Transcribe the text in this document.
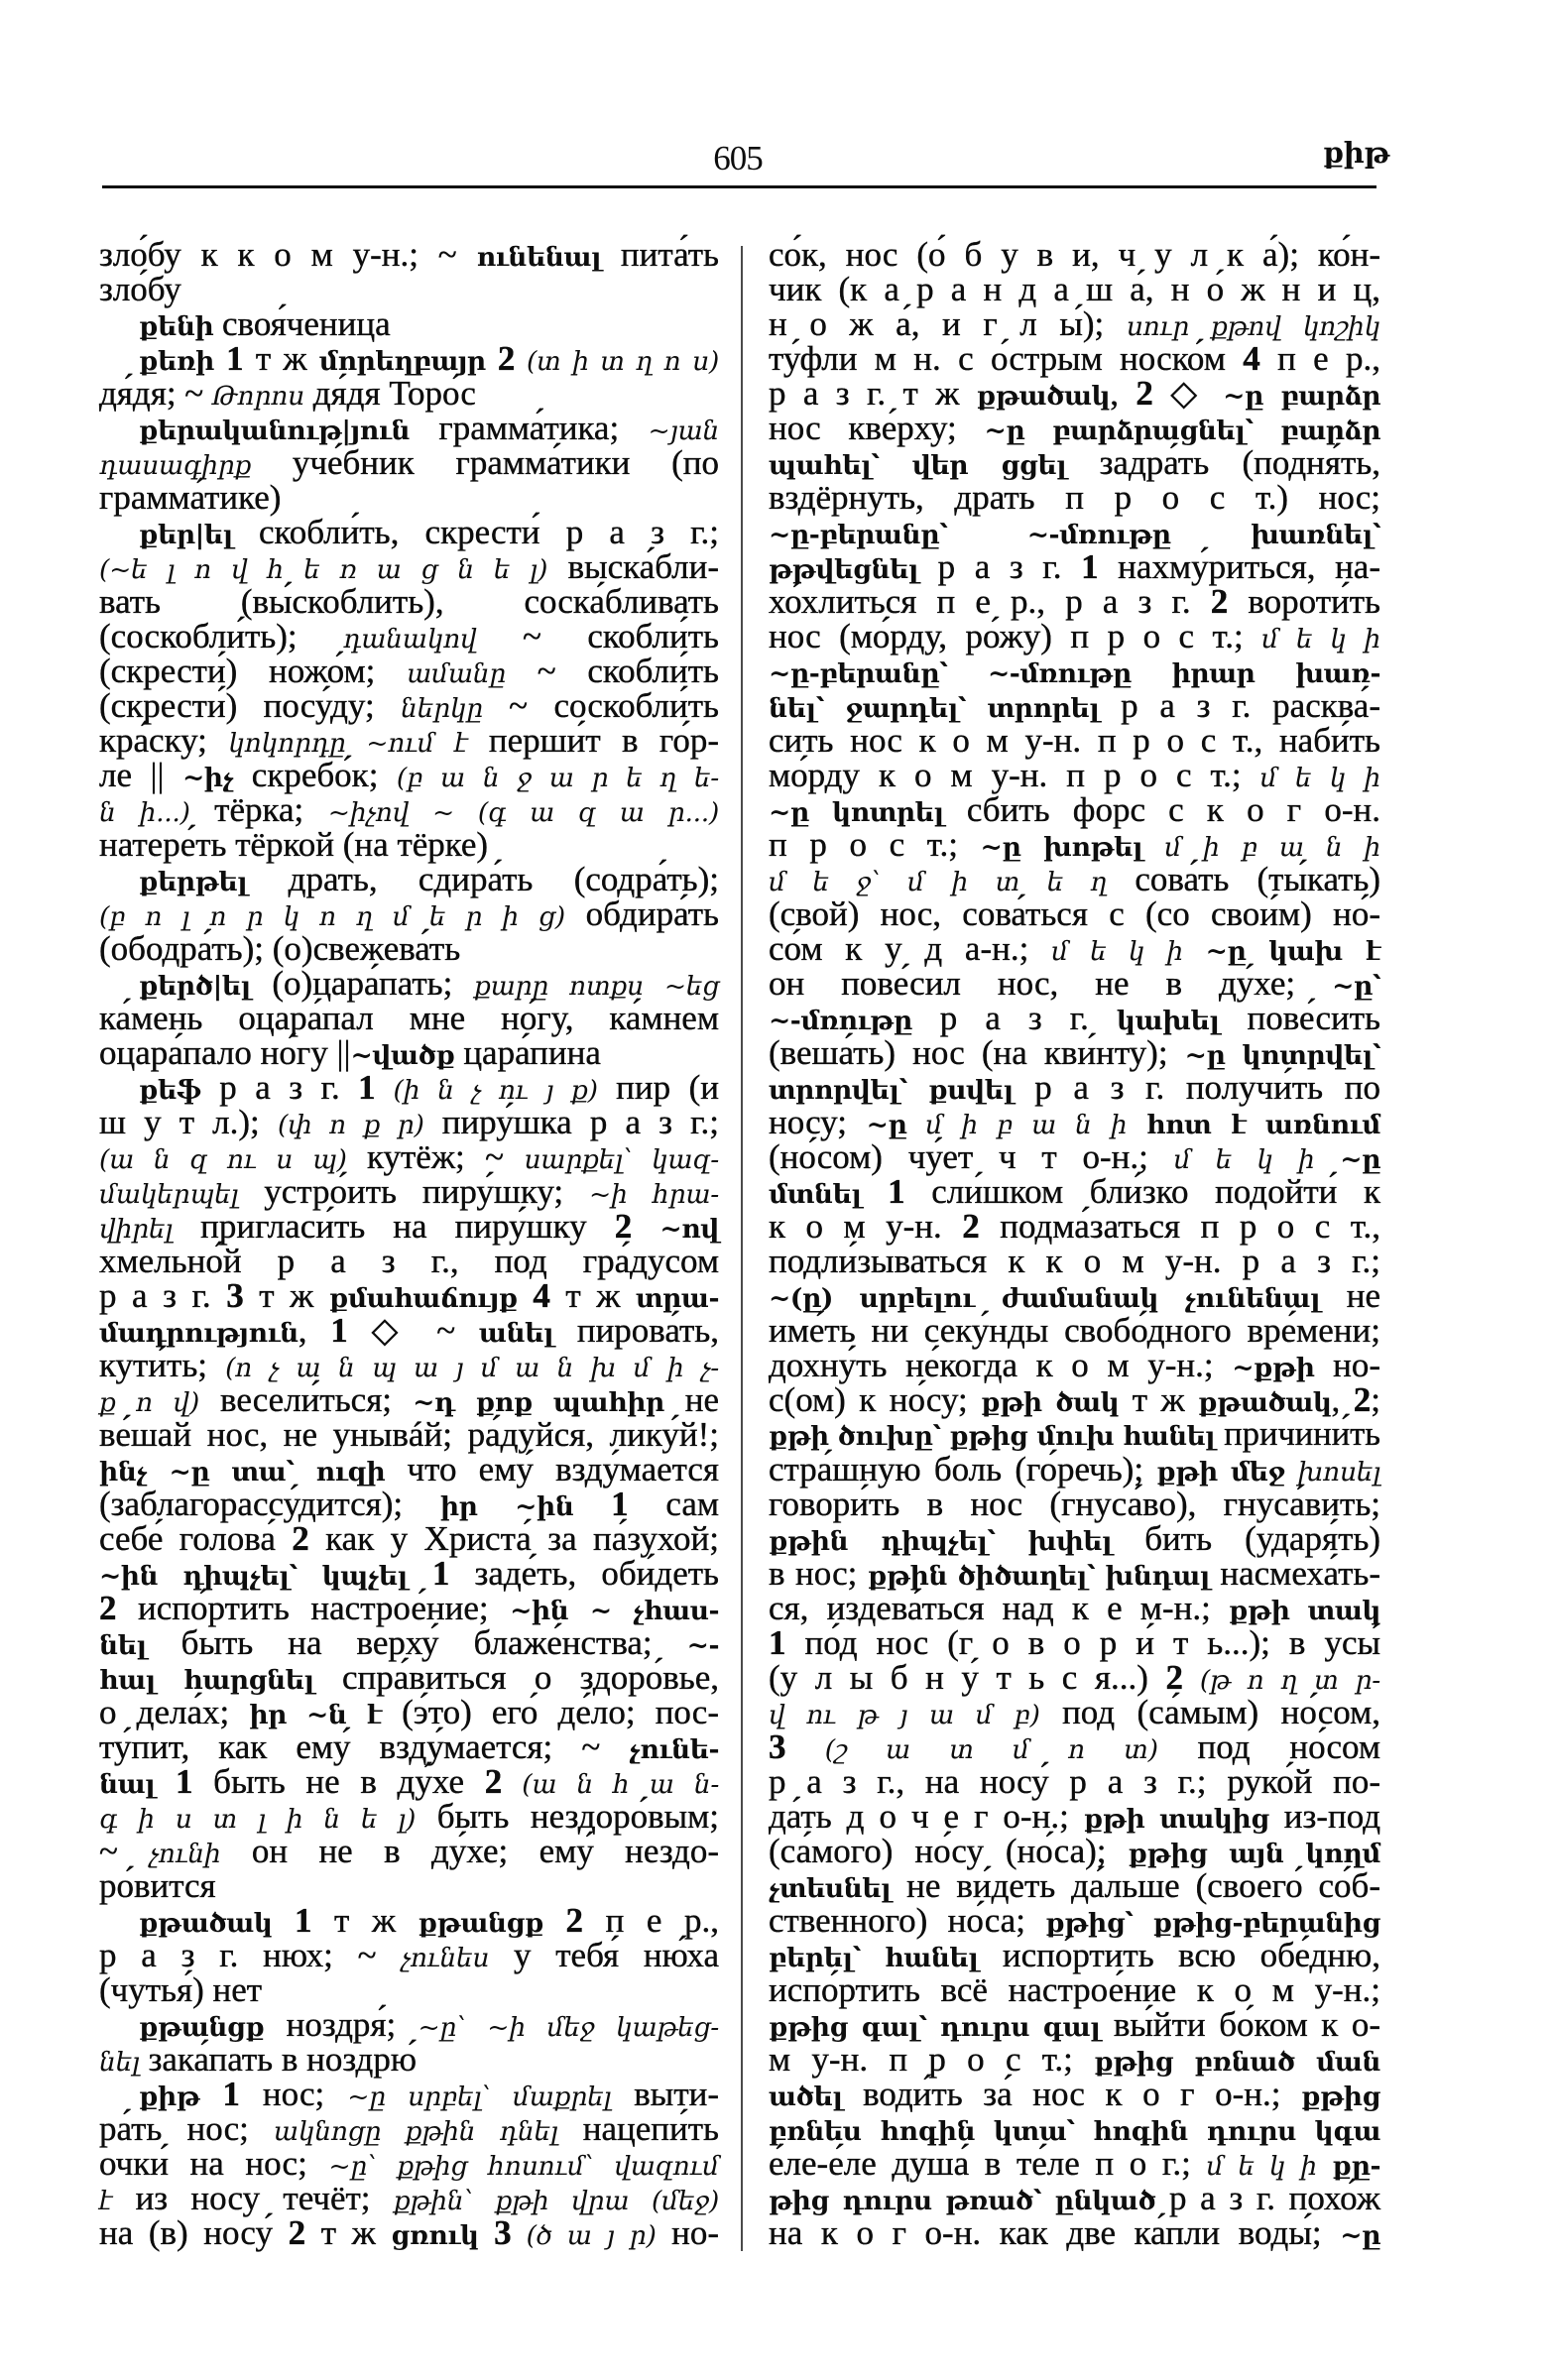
605	քիթ
зло́бу к к о м у-н.; ~ ունենալ пита́ть
зло́бу
քենի своя́ченица
քեռի 1 т ж մորեղբայր 2 (տ ի տ ղ ո ս)
дя́дя; ~ Թորոս дя́дя Торо́с
քերականութ|յուն грамма́тика; ~յան
դասագիրք уче́бник грамма́тики (по
грамма́тике)
քեր|ել скобли́ть, скрести́ р а з г.;
(~ե լ ո վ հ ե ռ ա ց ն ե լ) выска́бли-
вать (вы́скоблить), соска́бливать
(соскобли́ть); դանակով ~ скобли́ть
(скрести́) ножо́м; ամանը ~ скобли́ть
(скрести́) посу́ду; ներկը ~ соскобли́ть
кра́ску; կոկորդը ~ում է перши́т в го́р-
ле || ~իչ скребо́к; (բ ա ն ջ ա ր ե ղ ե-
ն ի...) тёрка; ~իչով ~ (գ ա զ ա ր...)
натере́ть тёркой (на тёрке)
քերթել драть, сдира́ть (содра́ть);
(բ ո լ ո ր կ ո ղ մ ե ր ի ց) обдира́ть
(ободра́ть); (о)свежева́ть
քերծ|ել (о)цара́пать; քարը ոտքս ~եց
ка́мень оцара́пал мне но́гу, ка́мнем
оцара́пало но́гу ||~վածք цара́пина
քեֆ р а з г. 1 (ի ն չ ու յ ք) пир (и
ш у т л.); (փ ո ք ր) пиру́шка р а з г.;
(ա ն զ ու ս պ) кутёж; ~ սարքել՝ կազ-
մակերպել устро́ить пиру́шку; ~ի հրա-
վիրել пригласи́ть на пиру́шку 2 ~ով
хмельно́й р а з г., под гра́дусом
р а з г. 3 т ж քմահաճույք 4 т ж տրա-
մադրություն, 1 ◇ ~ անել пирова́ть,
кути́ть; (ո չ ա ն պ ա յ մ ա ն խ մ ի չ-
ք ո վ) весели́ться; ~դ քոք պահիր не
ве́шай нос, не унывáй; ра́дуйся, лику́й!;
ինչ ~ը տա՝ ուզի что ему́ взду́мается
(заблагорассу́дится); իր ~ին 1 сам
себе́ голова́ 2 как у Христа́ за па́зухой;
~ին դիպչել՝ կպչել 1 заде́ть, оби́деть
2 испо́ртить настрое́ние; ~ին ~ չհաս-
նել быть на верху́ блаже́нства; ~-
հալ հարցնել спра́виться о здоро́вье,
о дела́х; իր ~ն է (э́то) его́ де́ло; пос-
ту́пит, как ему́ взду́мается; ~ չունե-
նալ 1 быть не в ду́хе 2 (ա ն հ ա ն-
գ ի ս տ լ ի ն ե լ) быть нездоро́вым;
~ չունի он не в ду́хе; ему́ нездо-
ро́вится
քթածակ 1 т ж քթանցք 2 п е р.,
р а з г. нюх; ~ չունես у тебя́ ню́ха
(чутья́) нет
քթանցք ноздря́; ~ը՝ ~ի մեջ կաթեց-
նել зака́пать в ноздрю́
քիթ 1 нос; ~ը սրբել՝ մաքրել выти-
ра́ть нос; ակնոցը քթին դնել нацепи́ть
очки́ на нос; ~ը՝ քթից հոսում՝ վազում
է из носу течёт; քթին՝ քթի վրա (մեջ)
на (в) носу́ 2 т ж ցռուկ 3 (ծ ա յ ր) но-
со́к, нос (о́ б у в и, ч у л к а́); ко́н-
чик (к а р а н д а ш а́, н о́ ж н и ц,
н о ж а́, и г л ы́); սուր քթով կոշիկ
ту́фли м н. с о́стрым носко́м 4 п е р.,
р а з г. т ж քթածակ, 2 ◇ ~ը բարձր
нос кве́рху; ~ը բարձրացնել՝ բարձր
պահել՝ վեր ցցել задра́ть (подня́ть,
вздёрнуть, драть п р о с т.) нос;
~ը-բերանը՝ ~-մռութը խառնել՝
թթվեցնել р а з г. 1 нахму́риться, на-
хо́хлиться п е р., р а з г. 2 вороти́ть
нос (мо́рду, ро́жу) п р о с т.; մ ե կ ի
~ը-բերանը՝ ~-մռութը իրար խառ-
նել՝ ջարդել՝ տրորել р а з г. расква́-
сить нос к о м у-н. п р о с т., наби́ть
мо́рду к о м у-н. п р о с т.; մ ե կ ի
~ը կոտրել сбить форс с к о г о-н.
п р о с т.; ~ը խոթել մ ի բ ա ն ի
մ ե ջ՝ մ ի տ ե ղ сова́ть (ты́кать)
(свой) нос, сова́ться с (со свои́м) но́-
со́м к у д а-н.; մ ե կ ի ~ը կախ է
он пове́сил нос, не в ду́хе; ~ը՝
~-մռութը р а з г. կախել пове́сить
(веша́ть) нос (на кви́нту); ~ը կոտրվել՝
տրորվել՝ քսվել р а з г. получи́ть по
носу; ~ը մ ի բ ա ն ի հոտ է առնում
(но́сом) чу́ет ч т о-н.; մ ե կ ի ~ը
մտնել 1 сли́шком бли́зко подойти́ к
к о м у-н. 2 подма́заться п р о с т.,
подли́зываться к к о м у-н. р а з г.;
~(ը) սրբելու ժամանակ չունենալ не
име́ть ни секу́нды свобо́дного вре́мени;
дохну́ть не́когда к о м у-н.; ~քթի но-
с(ом) к но́су; քթի ծակ т ж քթածակ, 2;
քթի ծուխը՝ քթից մուխ հանել причини́ть
стра́шную боль (го́речь); քթի մեջ խոսել
говори́ть в нос (гнуса́во), гнуса́вить;
քթին դիպչել՝ խփել бить (ударя́ть)
в нос; քթին ծիծաղել՝ խնդալ насмеха́ть-
ся, издева́ться над к е м-н.; քթի տակ
1 по́д нос (г о в о р и́ т ь...); в усы́
(у л ы б н у́ т ь с я...) 2 (թ ո ղ տ ր-
վ ու թ յ ա մ բ) под (са́мым) но́сом,
3 (շ ա տ մ ո տ) под но́сом
р а з г., на носу́ р а з г.; руко́й по-
да́ть д о ч е г о-н.; քթի տակից из-под
(са́мого) но́су (но́са); քթից այն կողմ
չտեսնել не ви́деть да́льше (своего́ со́б-
ственного) но́са; քթից՝ քթից-բերանից
բերել՝ հանել испо́ртить всю обе́дню,
испо́ртить всё настрое́ние к о м у-н.;
քթից գալ՝ դուրս գալ вы́йти бо́ком к о-
м у-н. п р о с т.; քթից բռնած ման
ածել води́ть за́ нос к о г о-н.; քթից
բռնես հոգին կտա՝ հոգին դուրս կգա
е́ле-е́ле душа́ в те́ле п о г.; մ ե կ ի քը-
թից դուրս թռած՝ ընկած р а з г. похо́ж
на к о г о-н. как две ка́пли воды́; ~ը
